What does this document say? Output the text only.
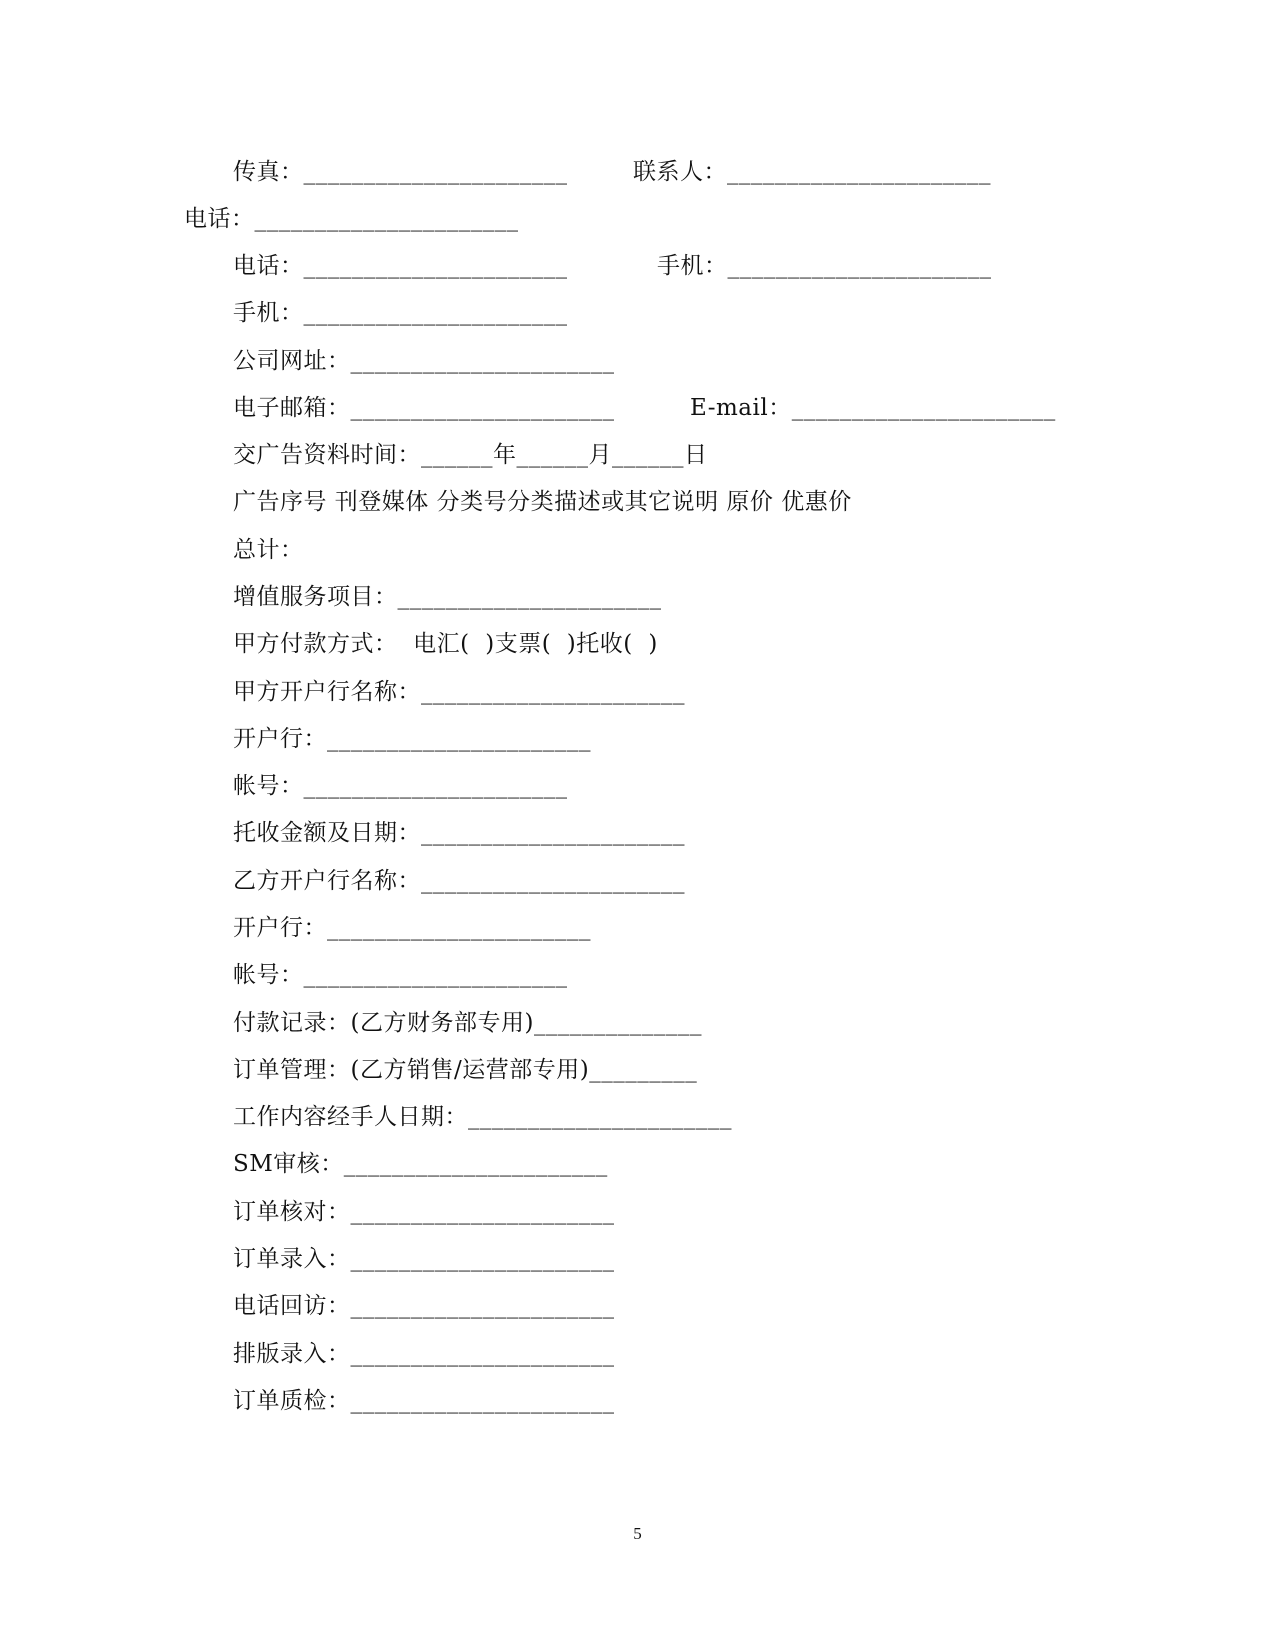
传真：______________________	联系人：______________________
电话：______________________
电话：______________________	手机：______________________
手机：______________________
公司网址：______________________
电子邮箱：______________________	E-mail：______________________
交广告资料时间：______年______月______日
广告序号 刊登媒体 分类号分类描述或其它说明 原价 优惠价
总计：
增值服务项目：______________________
甲方付款方式：  电汇(  )支票(  )托收(  )
甲方开户行名称：______________________
开户行：______________________
帐号：______________________
托收金额及日期：______________________
乙方开户行名称：______________________
开户行：______________________
帐号：______________________
付款记录：(乙方财务部专用)______________
订单管理：(乙方销售/运营部专用)_________
工作内容经手人日期：______________________
SM审核：______________________
订单核对：______________________
订单录入：______________________
电话回访：______________________
排版录入：______________________
订单质检：______________________
5
